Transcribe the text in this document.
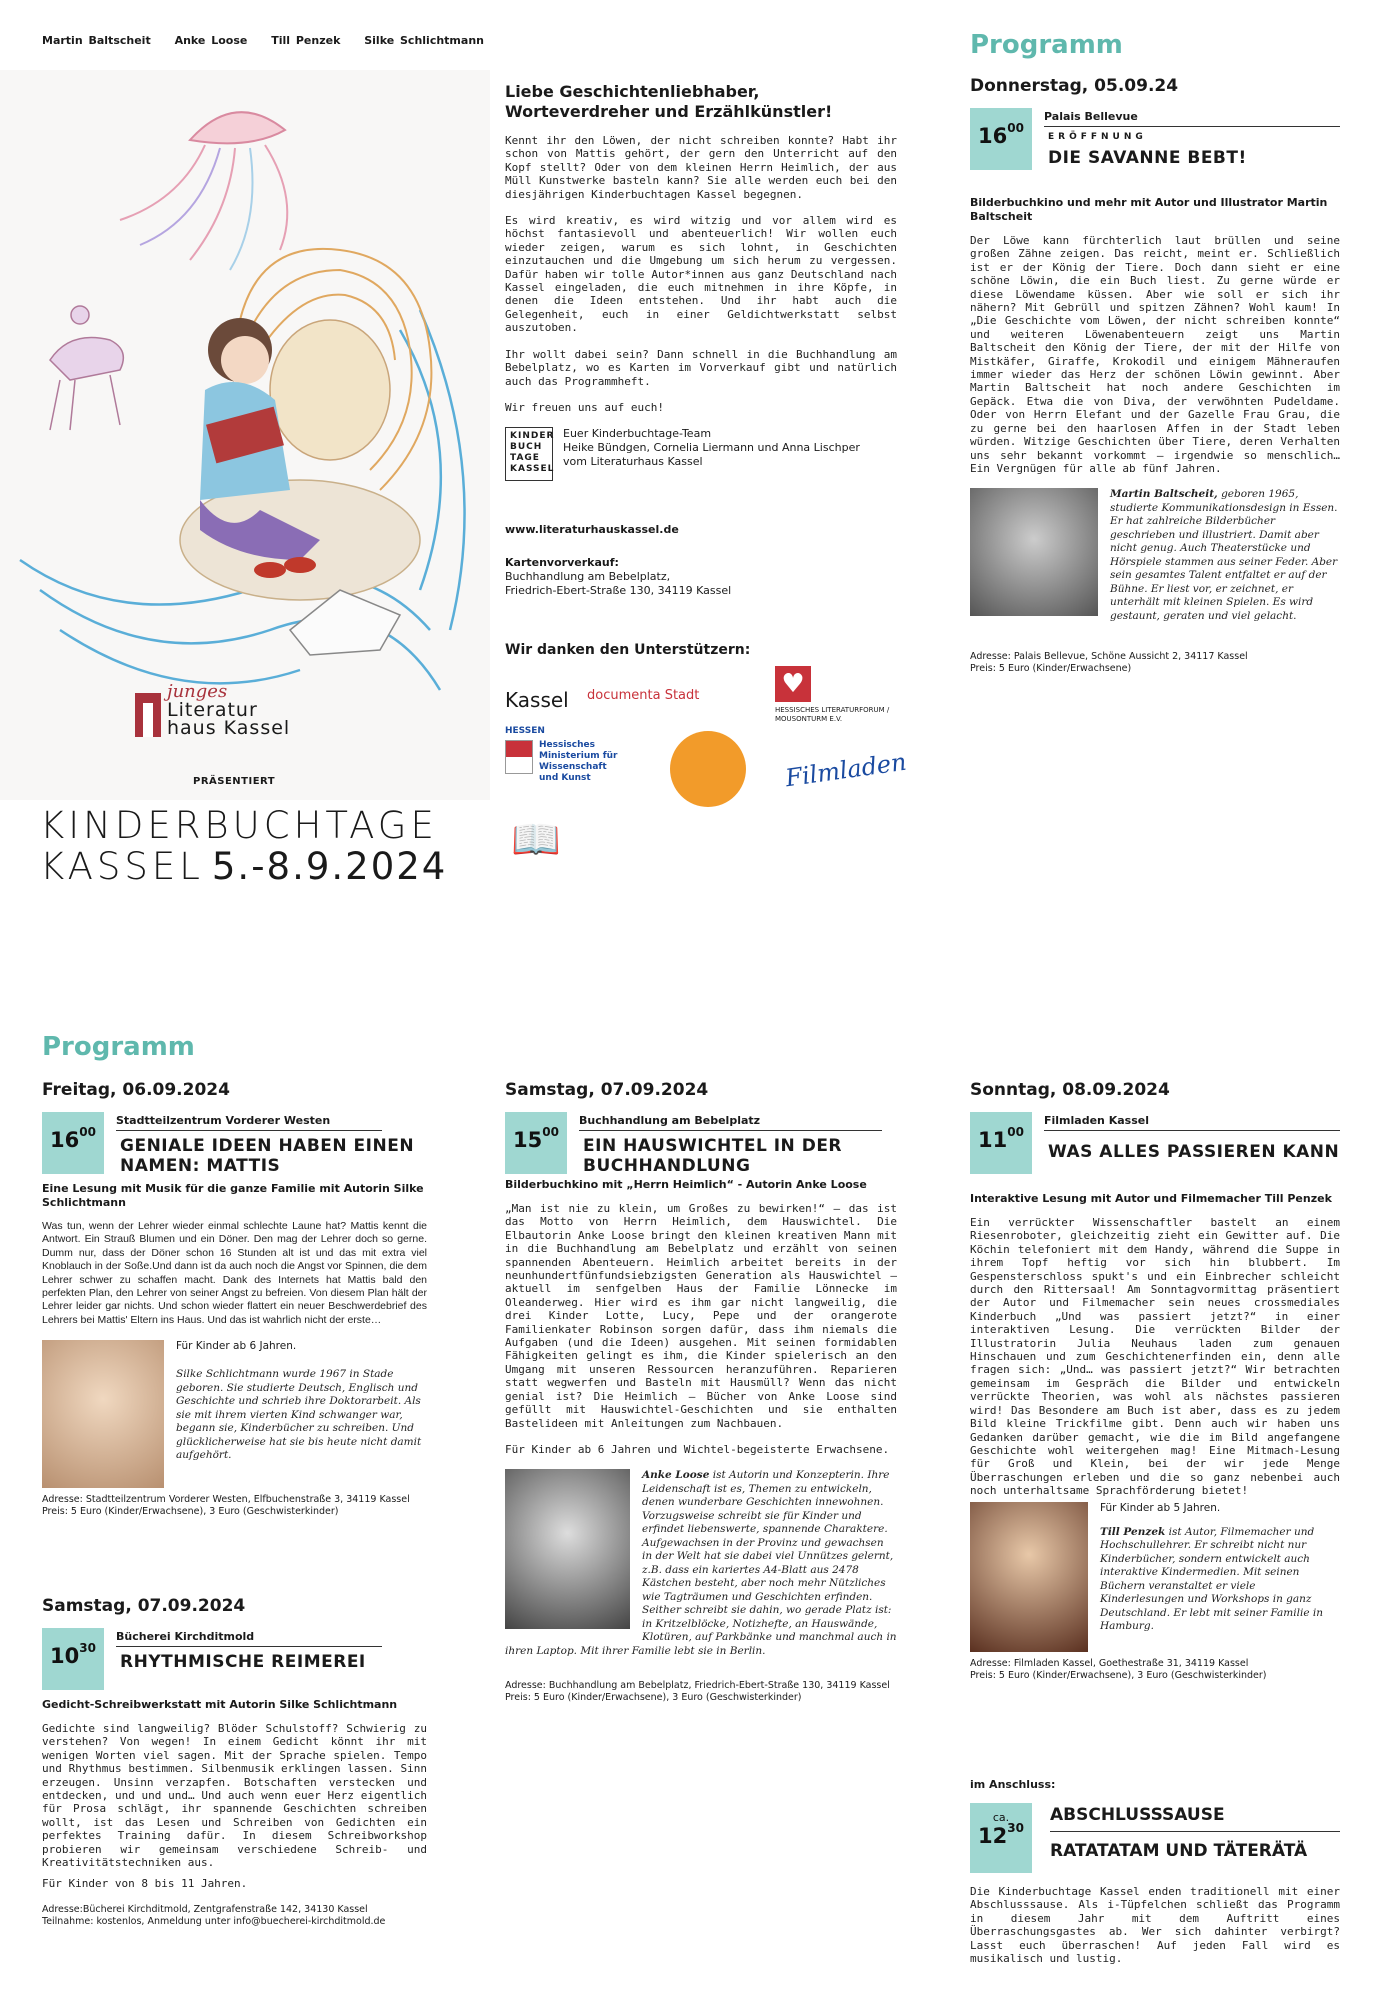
Martin Baltscheit Anke Loose Till Penzek Silke Schlichtmann
junges
Literatur
haus Kassel
PRÄSENTIERT
KINDERBUCHTAGE
KASSEL 5.-8.9.2024
Liebe Geschichtenliebhaber, Worteverdreher und Erzählkünstler!

Kennt ihr den Löwen, der nicht schreiben konnte? Habt ihr schon von Mattis gehört, der gern den Unterricht auf den Kopf stellt? Oder von dem kleinen Herrn Heimlich, der aus Müll Kunstwerke basteln kann? Sie alle werden euch bei den diesjährigen Kinderbuchtagen Kassel begegnen.

Es wird kreativ, es wird witzig und vor allem wird es höchst fantasievoll und abenteuerlich! Wir wollen euch wieder zeigen, warum es sich lohnt, in Geschichten einzutauchen und die Umgebung um sich herum zu vergessen. Dafür haben wir tolle Autor*innen aus ganz Deutschland nach Kassel eingeladen, die euch mitnehmen in ihre Köpfe, in denen die Ideen entstehen. Und ihr habt auch die Gelegenheit, euch in einer Geldichtwerkstatt selbst auszutoben.

Ihr wollt dabei sein? Dann schnell in die Buchhandlung am Bebelplatz, wo es Karten im Vorverkauf gibt und natürlich auch das Programmheft.

Wir freuen uns auf euch!

KINDER
BUCH
TAGE
KASSEL
Euer Kinderbuchtage-Team
Heike Bündgen, Cornelia Liermann und Anna Lischper
vom Literaturhaus Kassel
www.literaturhauskassel.de
Kartenvorverkauf:
Buchhandlung am Bebelplatz,
Friedrich-Ebert-Straße 130, 34119 Kassel
Wir danken den Unterstützern:
Kassel documenta Stadt	♥
HESSISCHES LITERATURFORUM / MOUSONTURM E.V.
HESSEN
Hessisches Ministerium für Wissenschaft und Kunst	Filmladen
📖
Programm
Donnerstag, 05.09.24
$16^{00}$
Palais Bellevue
ERÖFFNUNG
DIE SAVANNE BEBT!
Bilderbuchkino und mehr mit Autor und Illustrator Martin Baltscheit

Der Löwe kann fürchterlich laut brüllen und seine großen Zähne zeigen. Das reicht, meint er. Schließlich ist er der König der Tiere. Doch dann sieht er eine schöne Löwin, die ein Buch liest. Zu gerne würde er diese Löwendame küssen. Aber wie soll er sich ihr nähern? Mit Gebrüll und spitzen Zähnen? Wohl kaum! In „Die Geschichte vom Löwen, der nicht schreiben konnte“ und weiteren Löwenabenteuern zeigt uns Martin Baltscheit den König der Tiere, der mit der Hilfe von Mistkäfer, Giraffe, Krokodil und einigem Mähneraufen immer wieder das Herz der schönen Löwin gewinnt. Aber Martin Baltscheit hat noch andere Geschichten im Gepäck. Etwa die von Diva, der verwöhnten Pudeldame. Oder von Herrn Elefant und der Gazelle Frau Grau, die zu gerne bei den haarlosen Affen in der Stadt leben würden. Witzige Geschichten über Tiere, deren Verhalten uns sehr bekannt vorkommt – irgendwie so menschlich… Ein Vergnügen für alle ab fünf Jahren.

Martin Baltscheit, geboren 1965, studierte Kommunikationsdesign in Essen. Er hat zahlreiche Bilderbücher geschrieben und illustriert. Damit aber nicht genug. Auch Theaterstücke und Hörspiele stammen aus seiner Feder. Aber sein gesamtes Talent entfaltet er auf der Bühne. Er liest vor, er zeichnet, er unterhält mit kleinen Spielen. Es wird gestaunt, geraten und viel gelacht.
Adresse: Palais Bellevue, Schöne Aussicht 2, 34117 Kassel
Preis: 5 Euro (Kinder/Erwachsene)
Programm
Freitag, 06.09.2024
$16^{00}$
Stadtteilzentrum Vorderer Westen
GENIALE IDEEN HABEN EINEN NAMEN: MATTIS
Eine Lesung mit Musik für die ganze Familie mit Autorin Silke Schlichtmann

Was tun, wenn der Lehrer wieder einmal schlechte Laune hat? Mattis kennt die Antwort. Ein Strauß Blumen und ein Döner. Den mag der Lehrer doch so gerne. Dumm nur, dass der Döner schon 16 Stunden alt ist und das mit extra viel Knoblauch in der Soße.Und dann ist da auch noch die Angst vor Spinnen, die dem Lehrer schwer zu schaffen macht. Dank des Internets hat Mattis bald den perfekten Plan, den Lehrer von seiner Angst zu befreien. Von diesem Plan hält der Lehrer leider gar nichts. Und schon wieder flattert ein neuer Beschwerdebrief des Lehrers bei Mattis' Eltern ins Haus. Und das ist wahrlich nicht der erste…

Für Kinder ab 6 Jahren.
Silke Schlichtmann wurde 1967 in Stade geboren. Sie studierte Deutsch, Englisch und Geschichte und schrieb ihre Doktorarbeit. Als sie mit ihrem vierten Kind schwanger war, begann sie, Kinderbücher zu schreiben. Und glücklicherweise hat sie bis heute nicht damit aufgehört.
Adresse: Stadtteilzentrum Vorderer Westen, Elfbuchenstraße 3, 34119 Kassel
Preis: 5 Euro (Kinder/Erwachsene), 3 Euro (Geschwisterkinder)
Samstag, 07.09.2024
$10^{30}$
Bücherei Kirchditmold
RHYTHMISCHE REIMEREI
Gedicht-Schreibwerkstatt mit Autorin Silke Schlichtmann

Gedichte sind langweilig? Blöder Schulstoff? Schwierig zu verstehen? Von wegen! In einem Gedicht könnt ihr mit wenigen Worten viel sagen. Mit der Sprache spielen. Tempo und Rhythmus bestimmen. Silbenmusik erklingen lassen. Sinn erzeugen. Unsinn verzapfen. Botschaften verstecken und entdecken, und und und… Und auch wenn euer Herz eigentlich für Prosa schlägt, ihr spannende Geschichten schreiben wollt, ist das Lesen und Schreiben von Gedichten ein perfektes Training dafür. In diesem Schreibworkshop probieren wir gemeinsam verschiedene Schreib- und Kreativitätstechniken aus.

Für Kinder von 8 bis 11 Jahren.

Adresse:Bücherei Kirchditmold, Zentgrafenstraße 142, 34130 Kassel
Teilnahme: kostenlos, Anmeldung unter info@buecherei-kirchditmold.de
Samstag, 07.09.2024
$15^{00}$
Buchhandlung am Bebelplatz
EIN HAUSWICHTEL IN DER BUCHHANDLUNG
Bilderbuchkino mit „Herrn Heimlich“ - Autorin Anke Loose

„Man ist nie zu klein, um Großes zu bewirken!“ – das ist das Motto von Herrn Heimlich, dem Hauswichtel. Die Elbautorin Anke Loose bringt den kleinen kreativen Mann mit in die Buchhandlung am Bebelplatz und erzählt von seinen spannenden Abenteuern. Heimlich arbeitet bereits in der neunhundertfünfundsiebzigsten Generation als Hauswichtel – aktuell im senfgelben Haus der Familie Lönnecke im Oleanderweg. Hier wird es ihm gar nicht langweilig, die drei Kinder Lotte, Lucy, Pepe und der orangerote Familienkater Robinson sorgen dafür, dass ihm niemals die Aufgaben (und die Ideen) ausgehen. Mit seinen formidablen Fähigkeiten gelingt es ihm, die Kinder spielerisch an den Umgang mit unseren Ressourcen heranzuführen. Reparieren statt wegwerfen und Basteln mit Hausmüll? Wenn das nicht genial ist? Die Heimlich – Bücher von Anke Loose sind gefüllt mit Hauswichtel-Geschichten und sie enthalten Bastelideen mit Anleitungen zum Nachbauen.

Für Kinder ab 6 Jahren und Wichtel-begeisterte Erwachsene.

Anke Loose ist Autorin und Konzepterin. Ihre Leidenschaft ist es, Themen zu entwickeln, denen wunderbare Geschichten innewohnen. Vorzugsweise schreibt sie für Kinder und erfindet liebenswerte, spannende Charaktere. Aufgewachsen in der Provinz und gewachsen in der Welt hat sie dabei viel Unnützes gelernt, z.B. dass ein kariertes A4-Blatt aus 2478 Kästchen besteht, aber noch mehr Nützliches wie Tagträumen und Geschichten erfinden. Seither schreibt sie dahin, wo gerade Platz ist: in Kritzelblöcke, Notizhefte, an Hauswände, Klotüren, auf Parkbänke und manchmal auch in ihren Laptop. Mit ihrer Familie lebt sie in Berlin.
Adresse: Buchhandlung am Bebelplatz, Friedrich-Ebert-Straße 130, 34119 Kassel
Preis: 5 Euro (Kinder/Erwachsene), 3 Euro (Geschwisterkinder)
Sonntag, 08.09.2024
$11^{00}$
Filmladen Kassel
WAS ALLES PASSIEREN KANN
Interaktive Lesung mit Autor und Filmemacher Till Penzek

Ein verrückter Wissenschaftler bastelt an einem Riesenroboter, gleichzeitig zieht ein Gewitter auf. Die Köchin telefoniert mit dem Handy, während die Suppe in ihrem Topf heftig vor sich hin blubbert. Im Gespensterschloss spukt's und ein Einbrecher schleicht durch den Rittersaal! Am Sonntagvormittag präsentiert der Autor und Filmemacher sein neues crossmediales Kinderbuch „Und was passiert jetzt?“ in einer interaktiven Lesung. Die verrückten Bilder der Illustratorin Julia Neuhaus laden zum genauen Hinschauen und zum Geschichtenerfinden ein, denn alle fragen sich: „Und… was passiert jetzt?“ Wir betrachten gemeinsam im Gespräch die Bilder und entwickeln verrückte Theorien, was wohl als nächstes passieren wird! Das Besondere am Buch ist aber, dass es zu jedem Bild kleine Trickfilme gibt. Denn auch wir haben uns Gedanken darüber gemacht, wie die im Bild angefangene Geschichte wohl weitergehen mag! Eine Mitmach-Lesung für Groß und Klein, bei der wir jede Menge Überraschungen erleben und die so ganz nebenbei auch noch unterhaltsame Sprachförderung bietet!

Für Kinder ab 5 Jahren.
Till Penzek ist Autor, Filmemacher und Hochschullehrer. Er schreibt nicht nur Kinderbücher, sondern entwickelt auch interaktive Kindermedien. Mit seinen Büchern veranstaltet er viele Kinderlesungen und Workshops in ganz Deutschland. Er lebt mit seiner Familie in Hamburg.
Adresse: Filmladen Kassel, Goethestraße 31, 34119 Kassel
Preis: 5 Euro (Kinder/Erwachsene), 3 Euro (Geschwisterkinder)
im Anschluss:
ca.
$12^{30}$
ABSCHLUSSSAUSE
RATATATAM UND TÄTERÄTÄ

Die Kinderbuchtage Kassel enden traditionell mit einer Abschlusssause. Als i-Tüpfelchen schließt das Programm in diesem Jahr mit dem Auftritt eines Überraschungsgastes ab. Wer sich dahinter verbirgt? Lasst euch überraschen! Auf jeden Fall wird es musikalisch und lustig.
